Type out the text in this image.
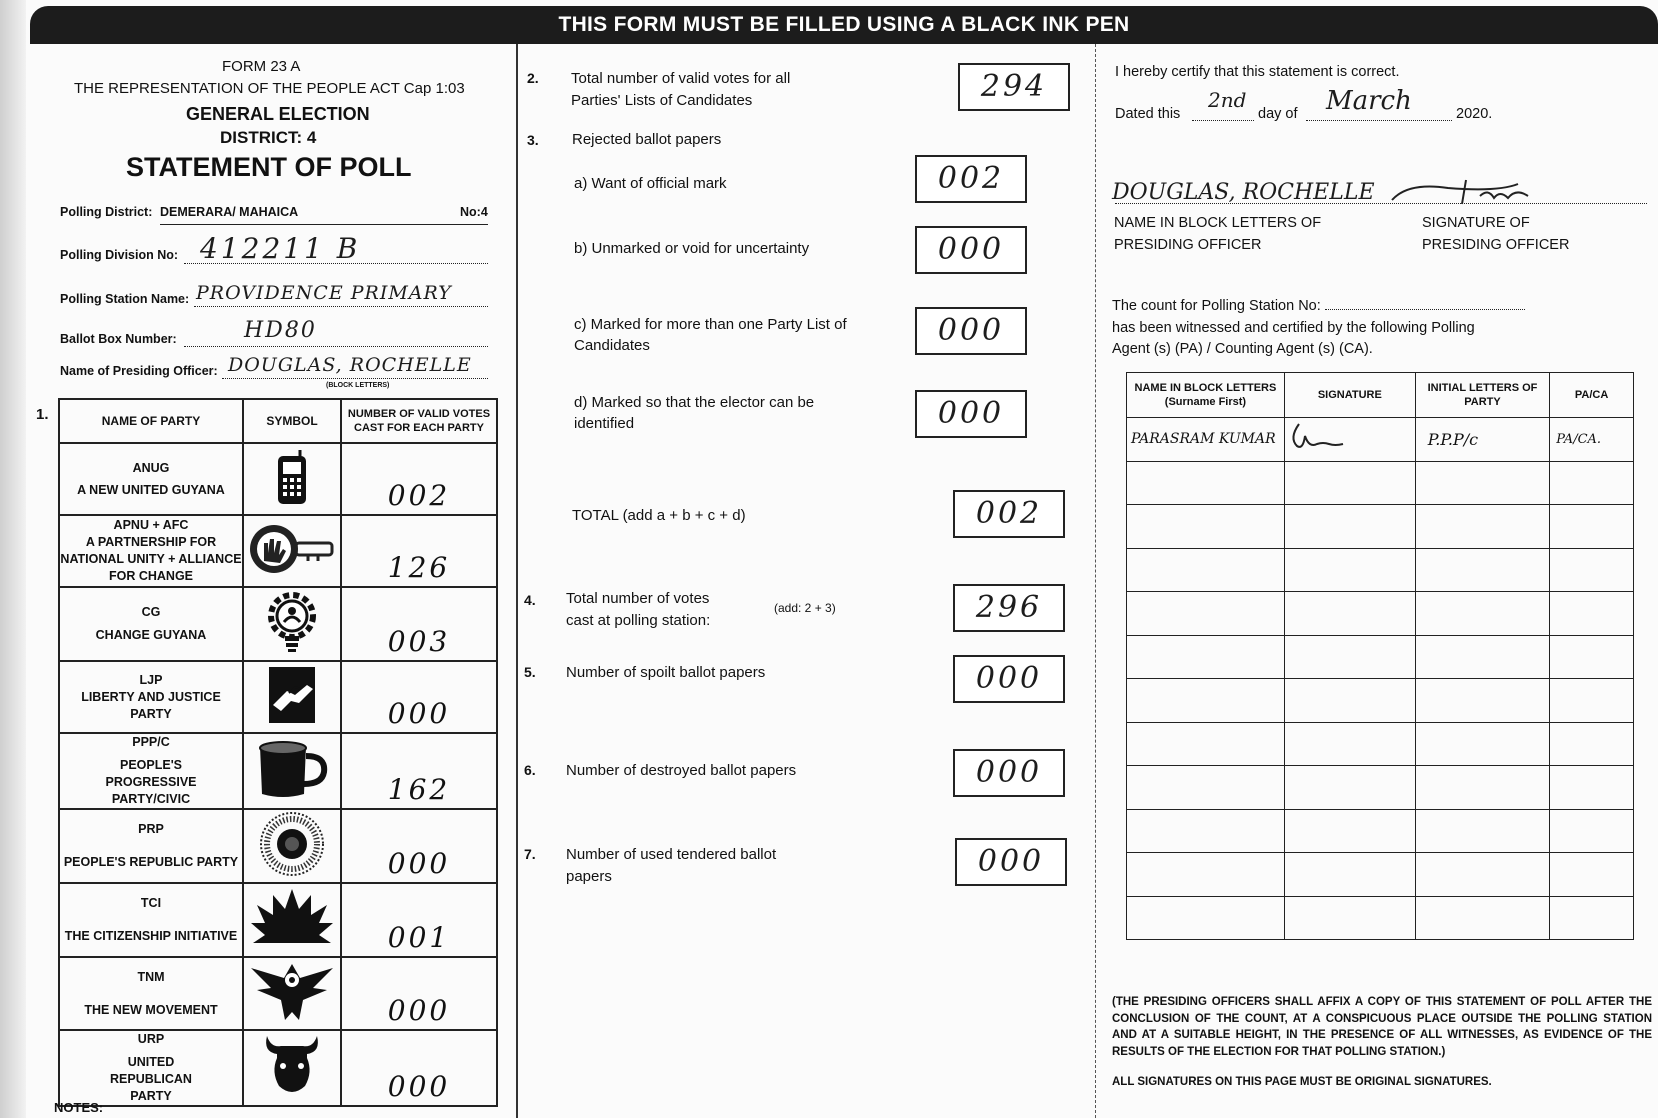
THIS FORM MUST BE FILLED USING A BLACK INK PEN
FORM 23 A
THE REPRESENTATION OF THE PEOPLE ACT Cap 1:03
GENERAL ELECTION
DISTRICT: 4
STATEMENT OF POLL
Polling District: DEMERARA/ MAHAICA	No:4
Polling Division No: 412211 B
Polling Station Name: PROVIDENCE PRIMARY
Ballot Box Number:	HD80
Name of Presiding Officer: DOUGLAS, ROCHELLE
(BLOCK LETTERS)
1.	NAME OF PARTY	SYMBOL	NUMBER OF VALID VOTES CAST FOR EACH PARTY

ANUG
A NEW UNITED GUYANA		002

APNU + AFC
A PARTNERSHIP FOR NATIONAL UNITY + ALLIANCE FOR CHANGE		126

CG
CHANGE GUYANA		003

LJP
LIBERTY AND JUSTICE PARTY		000

PPP/C
PEOPLE'S PROGRESSIVE PARTY/CIVIC		162

PRP
PEOPLE'S REPUBLIC PARTY		000

TCI
THE CITIZENSHIP INITIATIVE		001

TNM
THE NEW MOVEMENT		000

URP
UNITED REPUBLICAN PARTY		000
NOTES:
2. Total number of valid votes for all
Parties' Lists of Candidates	294
3. Rejected ballot papers
a) Want of official mark	002
b) Unmarked or void for uncertainty	000
c) Marked for more than one Party List of
Candidates	000
d) Marked so that the elector can be
identified	000
TOTAL (add a + b + c + d)	002
4. Total number of votes
cast at polling station:
(add: 2 + 3)	296
5. Number of spoilt ballot papers	000
6. Number of destroyed ballot papers	000
7. Number of used tendered ballot
papers	000
I hereby certify that this statement is correct.
Dated this
2nd
day of March	2020.
DOUGLAS, ROCHELLE
NAME IN BLOCK LETTERS OF
PRESIDING OFFICER
SIGNATURE OF
PRESIDING OFFICER
The count for Polling Station No:
has been witnessed and certified by the following Polling
Agent (s) (PA) / Counting Agent (s) (CA).
NAME IN BLOCK LETTERS (Surname First)	SIGNATURE	INITIAL LETTERS OF PARTY	PA/CA
PARASRAM KUMAR		P.P.P/c	PA/CA.

(THE PRESIDING OFFICERS SHALL AFFIX A COPY OF THIS STATEMENT OF POLL AFTER THE CONCLUSION OF THE COUNT, AT A CONSPICUOUS PLACE OUTSIDE THE POLLING STATION AND AT A SUITABLE HEIGHT, IN THE PRESENCE OF ALL WITNESSES, AS EVIDENCE OF THE RESULTS OF THE ELECTION FOR THAT POLLING STATION.)
ALL SIGNATURES ON THIS PAGE MUST BE ORIGINAL SIGNATURES.
